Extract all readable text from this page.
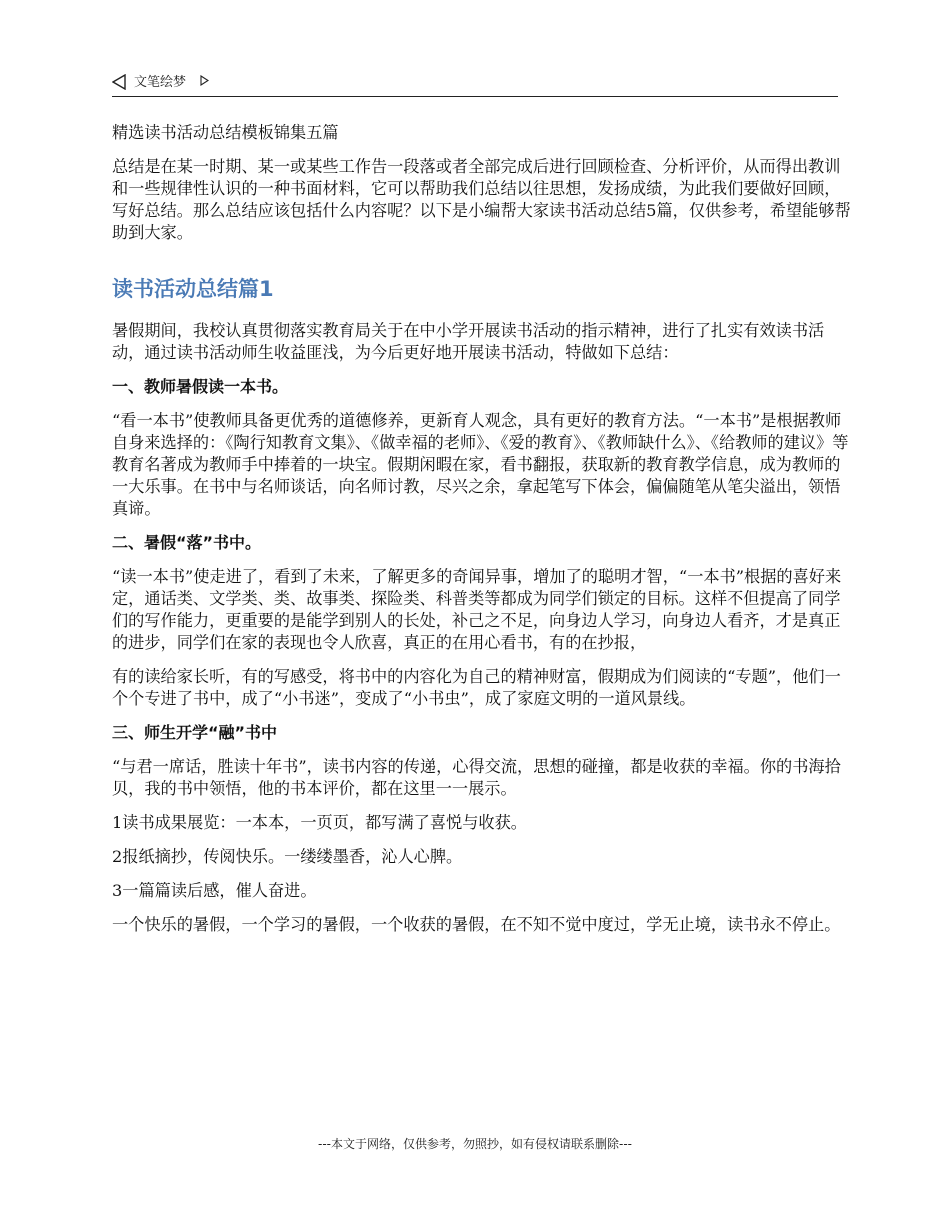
文笔绘梦

精选读书活动总结模板锦集五篇

总结是在某一时期、某一或某些工作告一段落或者全部完成后进行回顾检查、分析评价，从而得出教训和一些规律性认识的一种书面材料，它可以帮助我们总结以往思想，发扬成绩，为此我们要做好回顾，写好总结。那么总结应该包括什么内容呢？以下是小编帮大家读书活动总结5篇，仅供参考，希望能够帮助到大家。

读书活动总结篇1

暑假期间，我校认真贯彻落实教育局关于在中小学开展读书活动的指示精神，进行了扎实有效读书活动，通过读书活动师生收益匪浅，为今后更好地开展读书活动，特做如下总结：

一、教师暑假读一本书。

“看一本书”使教师具备更优秀的道德修养，更新育人观念，具有更好的教育方法。“一本书”是根据教师自身来选择的：《陶行知教育文集》、《做幸福的老师》、《爱的教育》、《教师缺什么》、《给教师的建议》等教育名著成为教师手中捧着的一块宝。假期闲暇在家，看书翻报，获取新的教育教学信息，成为教师的一大乐事。在书中与名师谈话，向名师讨教，尽兴之余，拿起笔写下体会，偏偏随笔从笔尖溢出，领悟真谛。

二、暑假“落”书中。

“读一本书”使走进了，看到了未来，了解更多的奇闻异事，增加了的聪明才智，“一本书”根据的喜好来定，通话类、文学类、类、故事类、探险类、科普类等都成为同学们锁定的目标。这样不但提高了同学们的写作能力，更重要的是能学到别人的长处，补己之不足，向身边人学习，向身边人看齐，才是真正的进步，同学们在家的表现也令人欣喜，真正的在用心看书，有的在抄报，

有的读给家长听，有的写感受，将书中的内容化为自己的精神财富，假期成为们阅读的“专题”，他们一个个专进了书中，成了“小书迷”，变成了“小书虫”，成了家庭文明的一道风景线。

三、师生开学“融”书中

“与君一席话，胜读十年书”，读书内容的传递，心得交流，思想的碰撞，都是收获的幸福。你的书海拾贝，我的书中领悟，他的书本评价，都在这里一一展示。

1读书成果展览：一本本，一页页，都写满了喜悦与收获。

2报纸摘抄，传阅快乐。一缕缕墨香，沁人心脾。

3一篇篇读后感，催人奋进。

一个快乐的暑假，一个学习的暑假，一个收获的暑假，在不知不觉中度过，学无止境，读书永不停止。

---本文于网络，仅供参考，勿照抄，如有侵权请联系删除---
